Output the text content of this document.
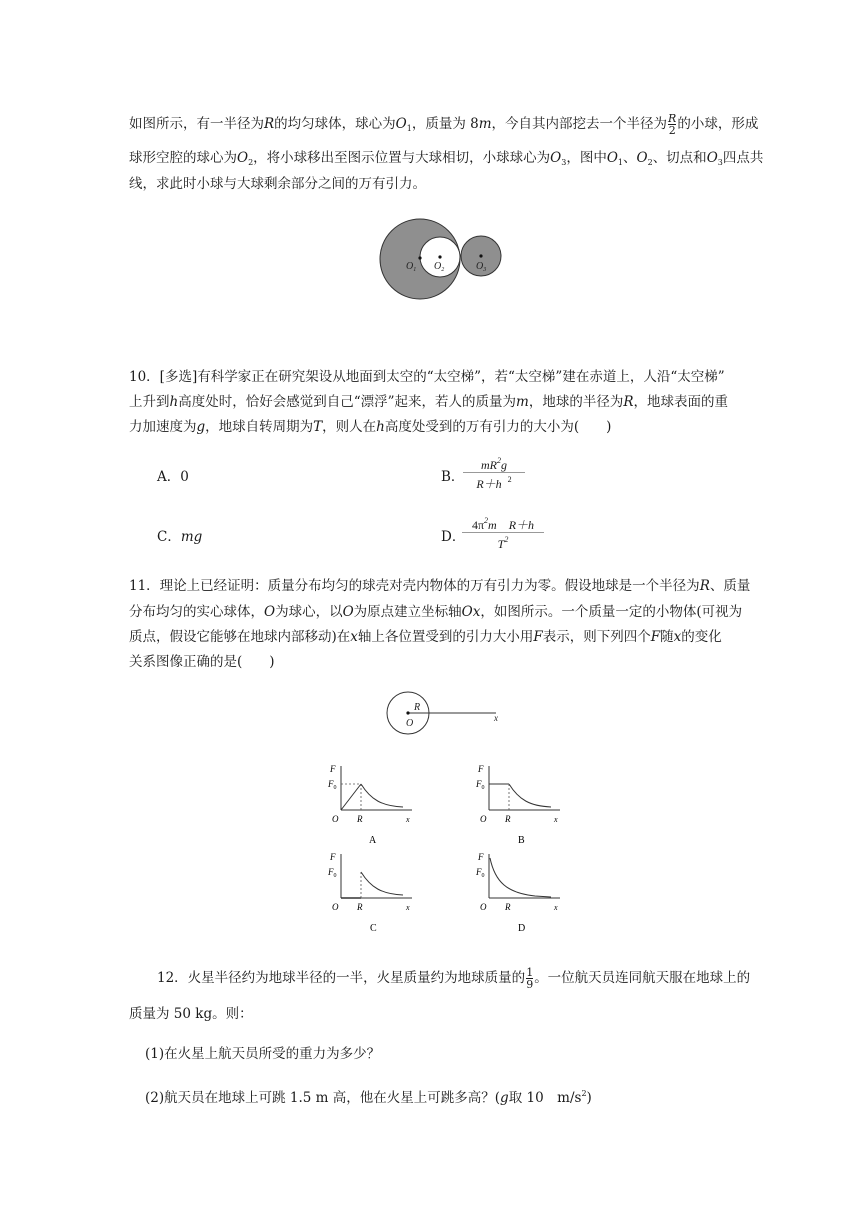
如图所示，有一半径为R的均匀球体，球心为$O_1$，质量为 8m，今自其内部挖去一个半径为 $\frac{R}{2}$ 的小球，形成
球形空腔的球心为$O_2$，将小球移出至图示位置与大球相切，小球球心为$O_3$，图中$O_1$、$O_2$、切点和$O_3$四点共
线，求此时小球与大球剩余部分之间的万有引力。
$O_1$ $O_2$	$O_3$
10．[多选]有科学家正在研究架设从地面到太空的“太空梯”，若“太空梯”建在赤道上，人沿“太空梯”
上升到h高度处时，恰好会感觉到自己“漂浮”起来，若人的质量为m，地球的半径为R，地球表面的重
力加速度为g，地球自转周期为T，则人在h高度处受到的万有引力的大小为(　　)
A．0	B．
$mR^2g$
R＋h $^2$
C．mg	D．
$4\pi^2m$　R＋h
$T^2$
11．理论上已经证明：质量分布均匀的球壳对壳内物体的万有引力为零。假设地球是一个半径为R、质量
分布均匀的实心球体，O为球心，以O为原点建立坐标轴Ox，如图所示。一个质量一定的小物体(可视为
质点，假设它能够在地球内部移动)在x轴上各位置受到的引力大小用F表示，则下列四个F随x的变化
关系图像正确的是(　　)
R
O	x
F
$F_0$
O R	x
A
F
$F_0$
O R	x
B
F
$F_0$
O R	x
C
F
$F_0$
O R	x
D
12．火星半径约为地球半径的一半，火星质量约为地球质量的 $\frac{1}{9}$ 。一位航天员连同航天服在地球上的
质量为 50 kg。则：
(1)在火星上航天员所受的重力为多少？
(2)航天员在地球上可跳 1.5 m 高，他在火星上可跳多高？(g取 10　$m/s^2$)
